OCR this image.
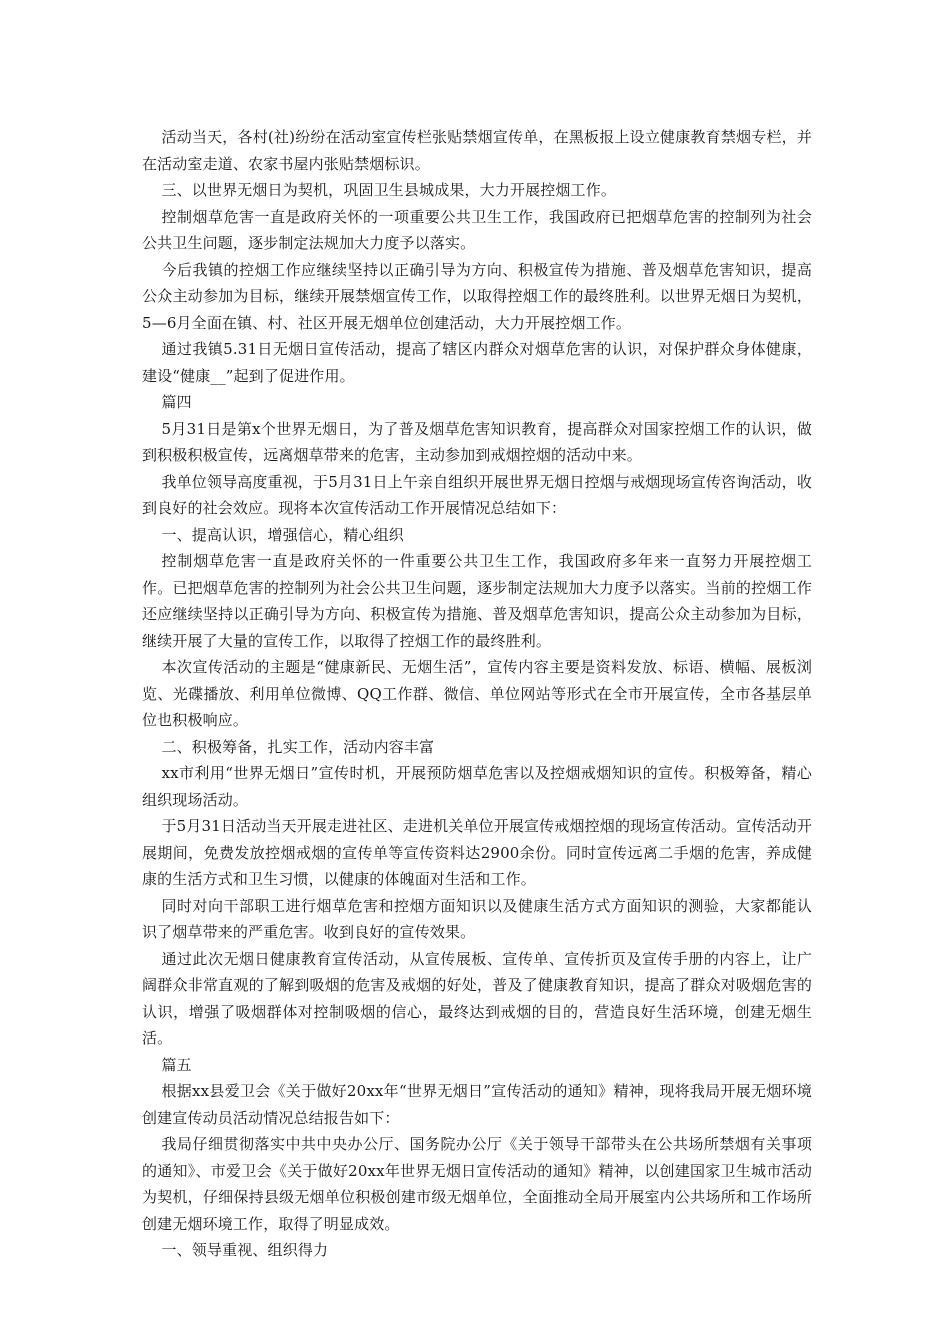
活动当天，各村(社)纷纷在活动室宣传栏张贴禁烟宣传单，在黑板报上设立健康教育禁烟专栏，并在活动室走道、农家书屋内张贴禁烟标识。

三、以世界无烟日为契机，巩固卫生县城成果，大力开展控烟工作。

控制烟草危害一直是政府关怀的一项重要公共卫生工作，我国政府已把烟草危害的控制列为社会公共卫生问题，逐步制定法规加大力度予以落实。

今后我镇的控烟工作应继续坚持以正确引导为方向、积极宣传为措施、普及烟草危害知识，提高公众主动参加为目标，继续开展禁烟宣传工作，以取得控烟工作的最终胜利。以世界无烟日为契机，5—6月全面在镇、村、社区开展无烟单位创建活动，大力开展控烟工作。

通过我镇5.31日无烟日宣传活动，提高了辖区内群众对烟草危害的认识，对保护群众身体健康，建设“健康__”起到了促进作用。

篇四

5月31日是第x个世界无烟日，为了普及烟草危害知识教育，提高群众对国家控烟工作的认识，做到积极积极宣传，远离烟草带来的危害，主动参加到戒烟控烟的活动中来。

我单位领导高度重视，于5月31日上午亲自组织开展世界无烟日控烟与戒烟现场宣传咨询活动，收到良好的社会效应。现将本次宣传活动工作开展情况总结如下：

一、提高认识，增强信心，精心组织

控制烟草危害一直是政府关怀的一件重要公共卫生工作，我国政府多年来一直努力开展控烟工作。已把烟草危害的控制列为社会公共卫生问题，逐步制定法规加大力度予以落实。当前的控烟工作还应继续坚持以正确引导为方向、积极宣传为措施、普及烟草危害知识，提高公众主动参加为目标，继续开展了大量的宣传工作，以取得了控烟工作的最终胜利。

本次宣传活动的主题是“健康新民、无烟生活”，宣传内容主要是资料发放、标语、横幅、展板浏览、光碟播放、利用单位微博、QQ工作群、微信、单位网站等形式在全市开展宣传，全市各基层单位也积极响应。

二、积极筹备，扎实工作，活动内容丰富

xx市利用“世界无烟日”宣传时机，开展预防烟草危害以及控烟戒烟知识的宣传。积极筹备，精心组织现场活动。

于5月31日活动当天开展走进社区、走进机关单位开展宣传戒烟控烟的现场宣传活动。宣传活动开展期间，免费发放控烟戒烟的宣传单等宣传资料达2900余份。同时宣传远离二手烟的危害，养成健康的生活方式和卫生习惯，以健康的体魄面对生活和工作。

同时对向干部职工进行烟草危害和控烟方面知识以及健康生活方式方面知识的测验，大家都能认识了烟草带来的严重危害。收到良好的宣传效果。

通过此次无烟日健康教育宣传活动，从宣传展板、宣传单、宣传折页及宣传手册的内容上，让广阔群众非常直观的了解到吸烟的危害及戒烟的好处，普及了健康教育知识，提高了群众对吸烟危害的认识，增强了吸烟群体对控制吸烟的信心，最终达到戒烟的目的，营造良好生活环境，创建无烟生活。

篇五

根据xx县爱卫会《关于做好20xx年“世界无烟日”宣传活动的通知》精神，现将我局开展无烟环境创建宣传动员活动情况总结报告如下：

我局仔细贯彻落实中共中央办公厅、国务院办公厅《关于领导干部带头在公共场所禁烟有关事项的通知》、市爱卫会《关于做好20xx年世界无烟日宣传活动的通知》精神，以创建国家卫生城市活动为契机，仔细保持县级无烟单位积极创建市级无烟单位，全面推动全局开展室内公共场所和工作场所创建无烟环境工作，取得了明显成效。

一、领导重视、组织得力
